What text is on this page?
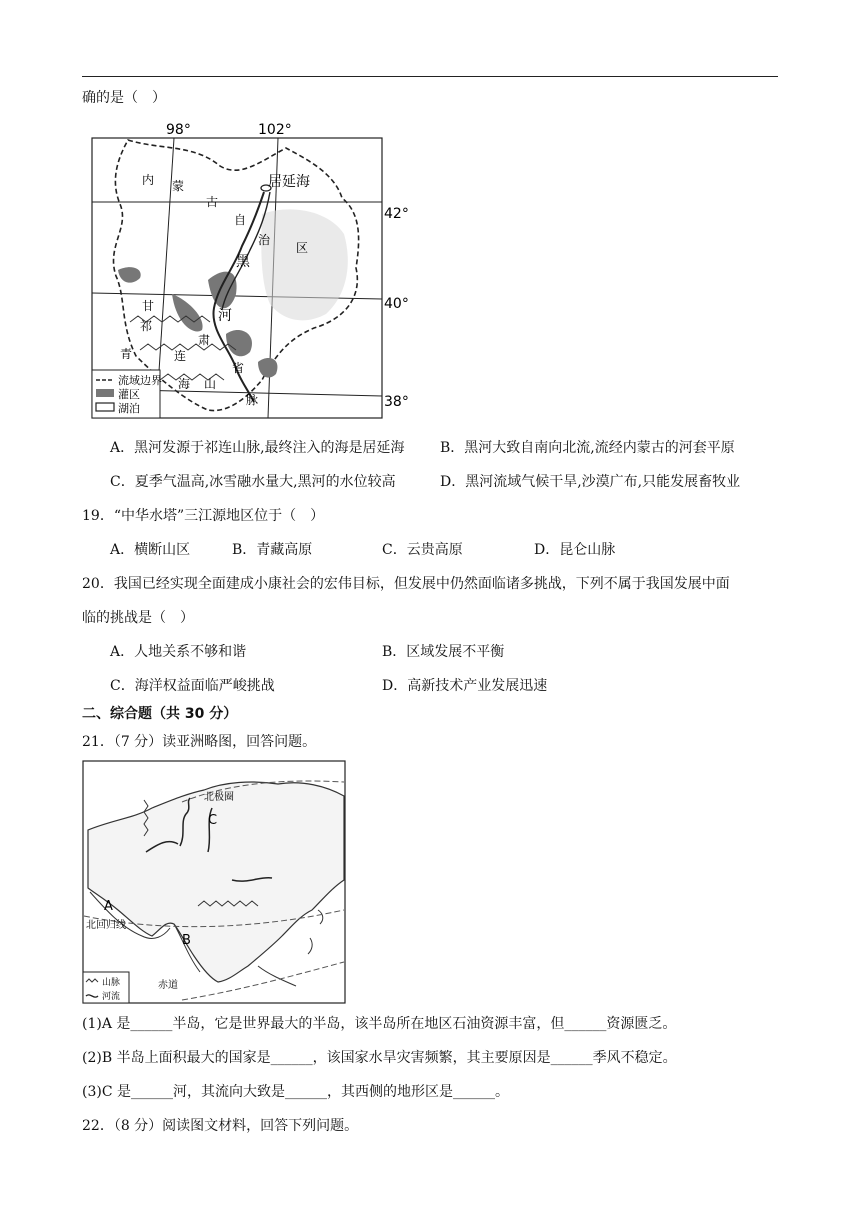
确的是（　）
98°	102°
42°
40°
38°
内 蒙
古
自
治
区
居延海
黑
河
甘
肃
省
祁
连
山
脉
青
海
流域边界
灌区
湖泊
A．黑河发源于祁连山脉,最终注入的海是居延海	B．黑河大致自南向北流,流经内蒙古的河套平原
C．夏季气温高,冰雪融水量大,黑河的水位较高	D．黑河流域气候干旱,沙漠广布,只能发展畜牧业
19．“中华水塔”三江源地区位于（　）
A．横断山区	B．青藏高原	C．云贵高原	D．昆仑山脉
20．我国已经实现全面建成小康社会的宏伟目标，但发展中仍然面临诸多挑战，下列不属于我国发展中面
临的挑战是（　）
A．人地关系不够和谐	B．区域发展不平衡
C．海洋权益面临严峻挑战	D．高新技术产业发展迅速
二、综合题（共 30 分）
21．（7 分）读亚洲略图，回答问题。
北极圈
北回归线
赤道
A
B
C
山脉
河流
(1)A 是______半岛，它是世界最大的半岛，该半岛所在地区石油资源丰富，但______资源匮乏。
(2)B 半岛上面积最大的国家是______，该国家水旱灾害频繁，其主要原因是______季风不稳定。
(3)C 是______河，其流向大致是______，其西侧的地形区是______。
22．（8 分）阅读图文材料，回答下列问题。
